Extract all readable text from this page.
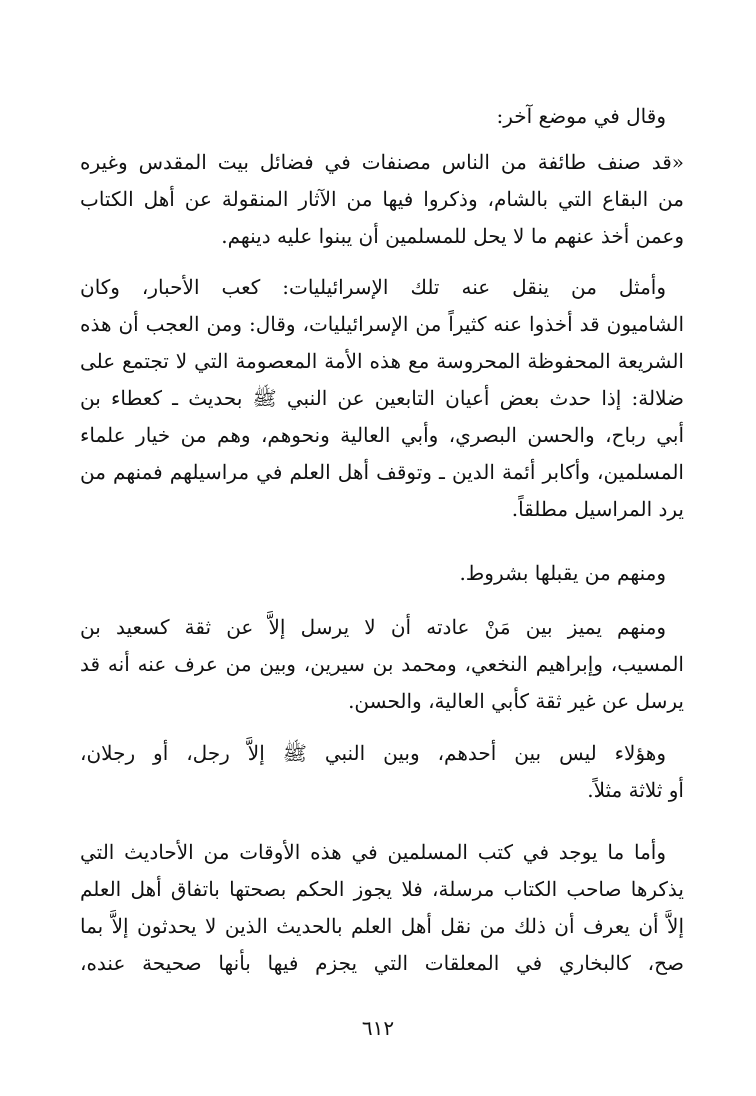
وقال في موضع آخر:
«قد صنف طائفة من الناس مصنفات في فضائل بيت المقدس وغيره
من البقاع التي بالشام، وذكروا فيها من الآثار المنقولة عن أهل الكتاب
وعمن أخذ عنهم ما لا يحل للمسلمين أن يبنوا عليه دينهم.
وأمثل من ينقل عنه تلك الإسرائيليات: كعب الأحبار، وكان
الشاميون قد أخذوا عنه كثيراً من الإسرائيليات، وقال: ومن العجب أن هذه
الشريعة المحفوظة المحروسة مع هذه الأمة المعصومة التي لا تجتمع على
ضلالة: إذا حدث بعض أعيان التابعين عن النبي ﷺ بحديث ـ كعطاء بن
أبي رباح، والحسن البصري، وأبي العالية ونحوهم، وهم من خيار علماء
المسلمين، وأكابر أئمة الدين ـ وتوقف أهل العلم في مراسيلهم فمنهم من
يرد المراسيل مطلقاً.
ومنهم من يقبلها بشروط.
ومنهم يميز بين مَنْ عادته أن لا يرسل إلاَّ عن ثقة كسعيد بن
المسيب، وإبراهيم النخعي، ومحمد بن سيرين، وبين من عرف عنه أنه قد
يرسل عن غير ثقة كأبي العالية، والحسن.
وهؤلاء ليس بين أحدهم، وبين النبي ﷺ إلاَّ رجل، أو رجلان،
أو ثلاثة مثلاً.
وأما ما يوجد في كتب المسلمين في هذه الأوقات من الأحاديث التي
يذكرها صاحب الكتاب مرسلة، فلا يجوز الحكم بصحتها باتفاق أهل العلم
إلاَّ أن يعرف أن ذلك من نقل أهل العلم بالحديث الذين لا يحدثون إلاَّ بما
صح، كالبخاري في المعلقات التي يجزم فيها بأنها صحيحة عنده،
٦١٢
